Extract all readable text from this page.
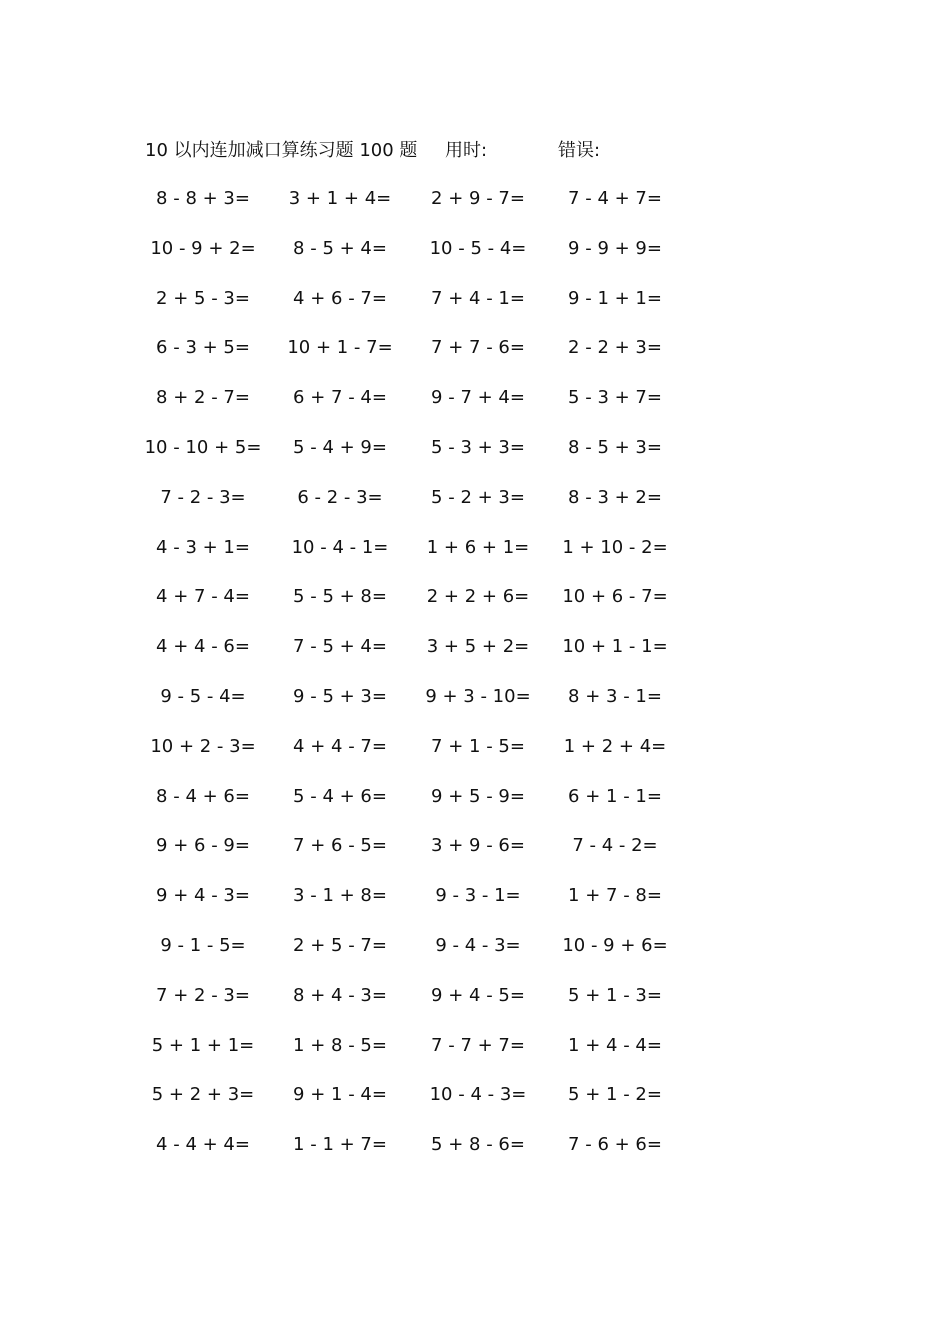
10 以内连加减口算练习题 100 题 用时:	错误:
8 - 8 + 3=	3 + 1 + 4=	2 + 9 - 7=	7 - 4 + 7=
10 - 9 + 2=	8 - 5 + 4=	10 - 5 - 4=	9 - 9 + 9=
2 + 5 - 3=	4 + 6 - 7=	7 + 4 - 1=	9 - 1 + 1=
6 - 3 + 5=	10 + 1 - 7=	7 + 7 - 6=	2 - 2 + 3=
8 + 2 - 7=	6 + 7 - 4=	9 - 7 + 4=	5 - 3 + 7=
10 - 10 + 5=	5 - 4 + 9=	5 - 3 + 3=	8 - 5 + 3=
7 - 2 - 3=	6 - 2 - 3=	5 - 2 + 3=	8 - 3 + 2=
4 - 3 + 1=	10 - 4 - 1=	1 + 6 + 1=	1 + 10 - 2=
4 + 7 - 4=	5 - 5 + 8=	2 + 2 + 6=	10 + 6 - 7=
4 + 4 - 6=	7 - 5 + 4=	3 + 5 + 2=	10 + 1 - 1=
9 - 5 - 4=	9 - 5 + 3=	9 + 3 - 10=	8 + 3 - 1=
10 + 2 - 3=	4 + 4 - 7=	7 + 1 - 5=	1 + 2 + 4=
8 - 4 + 6=	5 - 4 + 6=	9 + 5 - 9=	6 + 1 - 1=
9 + 6 - 9=	7 + 6 - 5=	3 + 9 - 6=	7 - 4 - 2=
9 + 4 - 3=	3 - 1 + 8=	9 - 3 - 1=	1 + 7 - 8=
9 - 1 - 5=	2 + 5 - 7=	9 - 4 - 3=	10 - 9 + 6=
7 + 2 - 3=	8 + 4 - 3=	9 + 4 - 5=	5 + 1 - 3=
5 + 1 + 1=	1 + 8 - 5=	7 - 7 + 7=	1 + 4 - 4=
5 + 2 + 3=	9 + 1 - 4=	10 - 4 - 3=	5 + 1 - 2=
4 - 4 + 4=	1 - 1 + 7=	5 + 8 - 6=	7 - 6 + 6=
